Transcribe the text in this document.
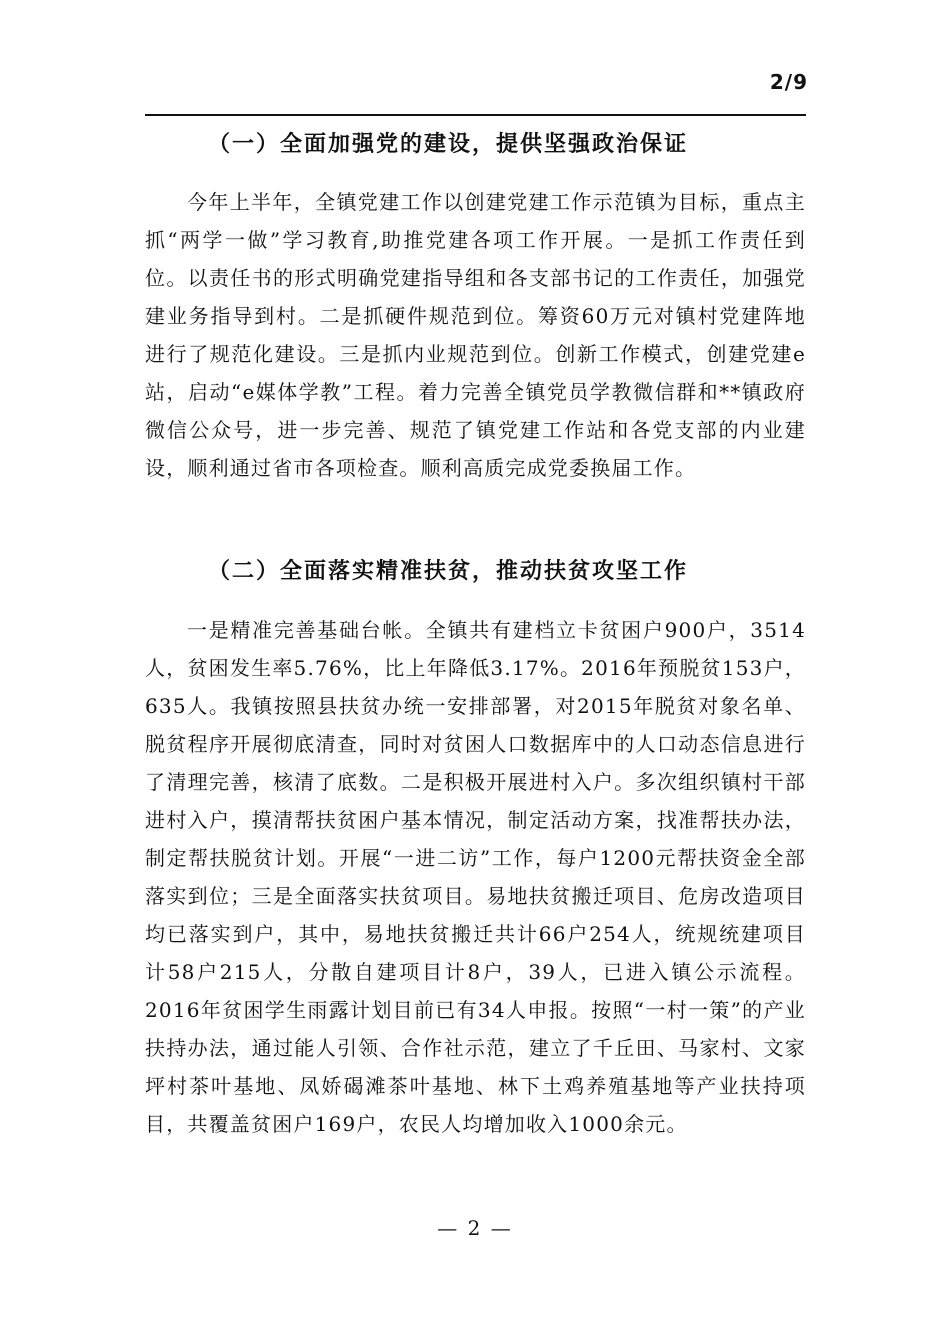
2/9
（一）全面加强党的建设，提供坚强政治保证

今年上半年，全镇党建工作以创建党建工作示范镇为目标，重点主抓“两学一做”学习教育,助推党建各项工作开展。一是抓工作责任到位。以责任书的形式明确党建指导组和各支部书记的工作责任，加强党建业务指导到村。二是抓硬件规范到位。筹资60万元对镇村党建阵地进行了规范化建设。三是抓内业规范到位。创新工作模式，创建党建e站，启动“e媒体学教”工程。着力完善全镇党员学教微信群和**镇政府微信公众号，进一步完善、规范了镇党建工作站和各党支部的内业建设，顺利通过省市各项检查。顺利高质完成党委换届工作。

（二）全面落实精准扶贫，推动扶贫攻坚工作

一是精准完善基础台帐。全镇共有建档立卡贫困户900户，3514人，贫困发生率5.76%，比上年降低3.17%。2016年预脱贫153户，635人。我镇按照县扶贫办统一安排部署，对2015年脱贫对象名单、脱贫程序开展彻底清查，同时对贫困人口数据库中的人口动态信息进行了清理完善，核清了底数。二是积极开展进村入户。多次组织镇村干部进村入户，摸清帮扶贫困户基本情况，制定活动方案，找准帮扶办法，制定帮扶脱贫计划。开展“一进二访”工作，每户1200元帮扶资金全部落实到位；三是全面落实扶贫项目。易地扶贫搬迁项目、危房改造项目均已落实到户，其中，易地扶贫搬迁共计66户254人，统规统建项目计58户215人，分散自建项目计8户，39人，已进入镇公示流程。2016年贫困学生雨露计划目前已有34人申报。按照“一村一策”的产业扶持办法，通过能人引领、合作社示范，建立了千丘田、马家村、文家坪村茶叶基地、凤娇碣滩茶叶基地、林下土鸡养殖基地等产业扶持项目，共覆盖贫困户169户，农民人均增加收入1000余元。

— 2 —
